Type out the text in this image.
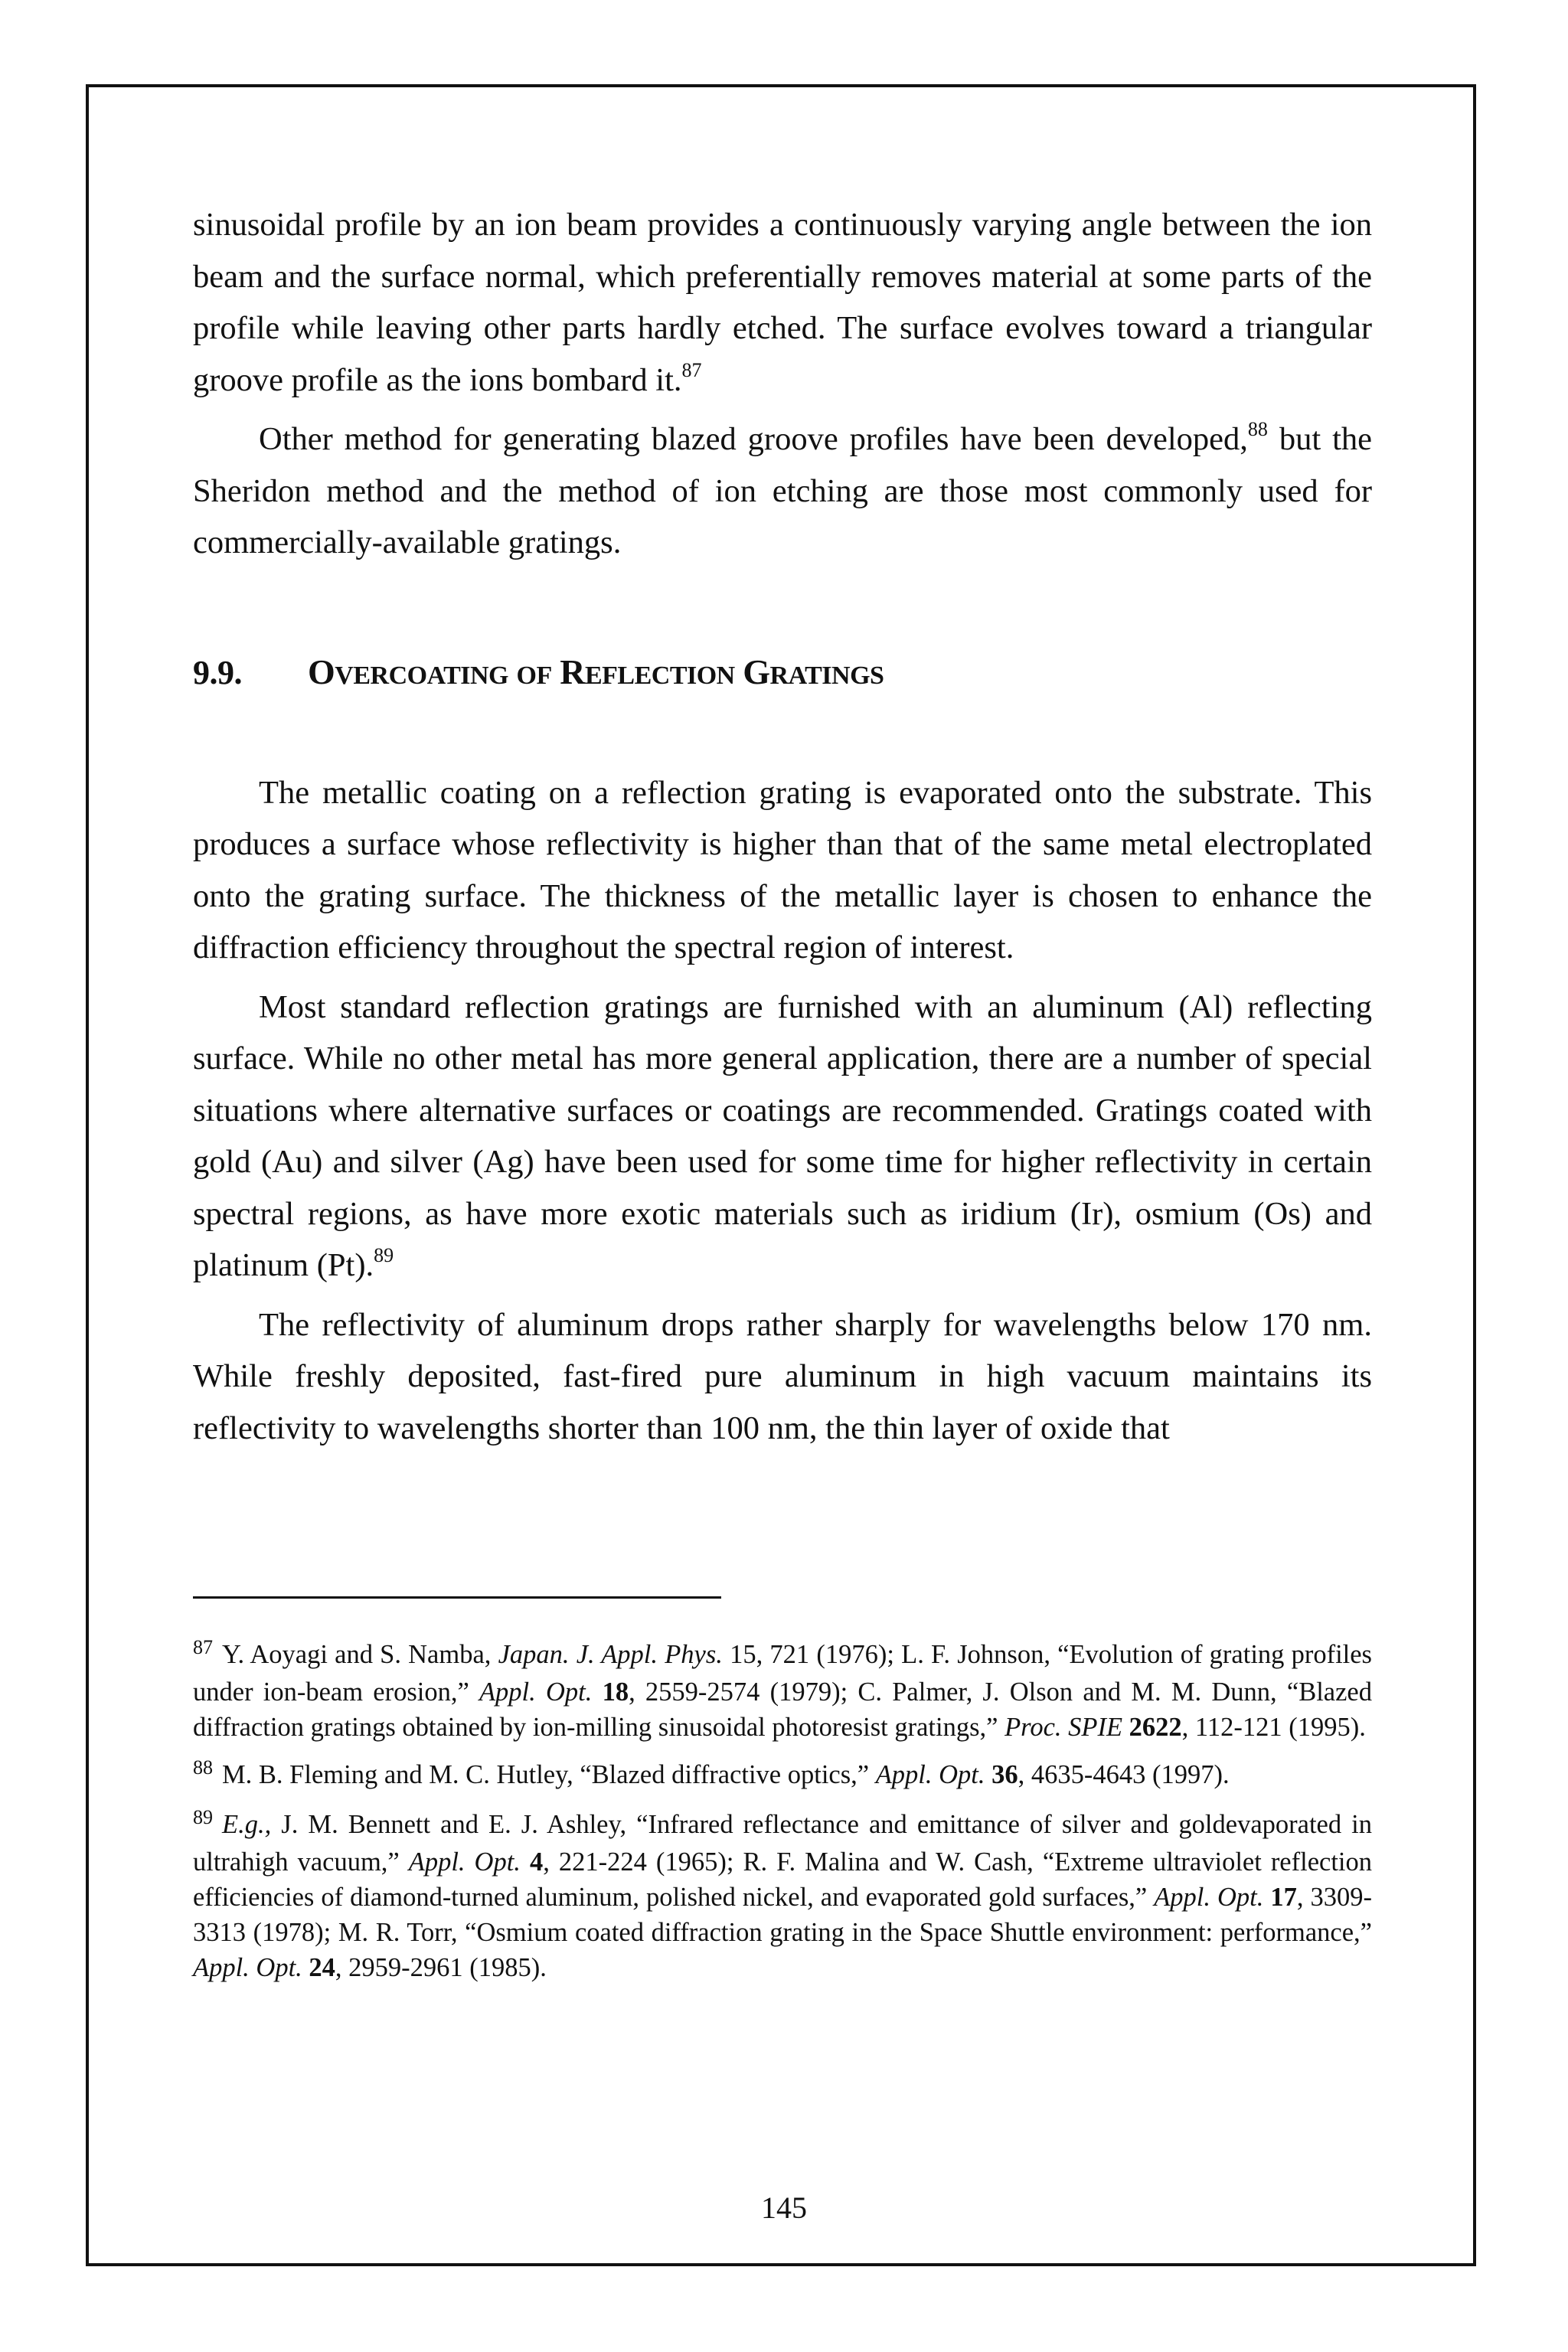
sinusoidal profile by an ion beam provides a continuously varying angle between the ion beam and the surface normal, which preferentially removes material at some parts of the profile while leaving other parts hardly etched. The surface evolves toward a triangular groove profile as the ions bombard it.$^{87}$

Other method for generating blazed groove profiles have been developed,$^{88}$ but the Sheridon method and the method of ion etching are those most commonly used for commercially-available gratings.

9.9.	OVERCOATING OF REFLECTION GRATINGS

The metallic coating on a reflection grating is evaporated onto the substrate. This produces a surface whose reflectivity is higher than that of the same metal electroplated onto the grating surface. The thickness of the metallic layer is chosen to enhance the diffraction efficiency throughout the spectral region of interest.

Most standard reflection gratings are furnished with an aluminum (Al) reflecting surface. While no other metal has more general application, there are a number of special situations where alternative surfaces or coatings are recommended. Gratings coated with gold (Au) and silver (Ag) have been used for some time for higher reflectivity in certain spectral regions, as have more exotic materials such as iridium (Ir), osmium (Os) and platinum (Pt).$^{89}$

The reflectivity of aluminum drops rather sharply for wavelengths below 170 nm. While freshly deposited, fast-fired pure aluminum in high vacuum maintains its reflectivity to wavelengths shorter than 100 nm, the thin layer of oxide that

$^{87}$ Y. Aoyagi and S. Namba, Japan. J. Appl. Phys. 15, 721 (1976); L. F. Johnson, “Evolution of grating profiles under ion-beam erosion,” Appl. Opt. 18, 2559-2574 (1979); C. Palmer, J. Olson and M. M. Dunn, “Blazed diffraction gratings obtained by ion-milling sinusoidal photoresist gratings,” Proc. SPIE 2622, 112-121 (1995).

$^{88}$ M. B. Fleming and M. C. Hutley, “Blazed diffractive optics,” Appl. Opt. 36, 4635-4643 (1997).

$^{89}$ E.g., J. M. Bennett and E. J. Ashley, “Infrared reflectance and emittance of silver and goldevaporated in ultrahigh vacuum,” Appl. Opt. 4, 221-224 (1965); R. F. Malina and W. Cash, “Extreme ultraviolet reflection efficiencies of diamond-turned aluminum, polished nickel, and evaporated gold surfaces,” Appl. Opt. 17, 3309-3313 (1978); M. R. Torr, “Osmium coated diffraction grating in the Space Shuttle environment: performance,” Appl. Opt. 24, 2959-2961 (1985).

145
